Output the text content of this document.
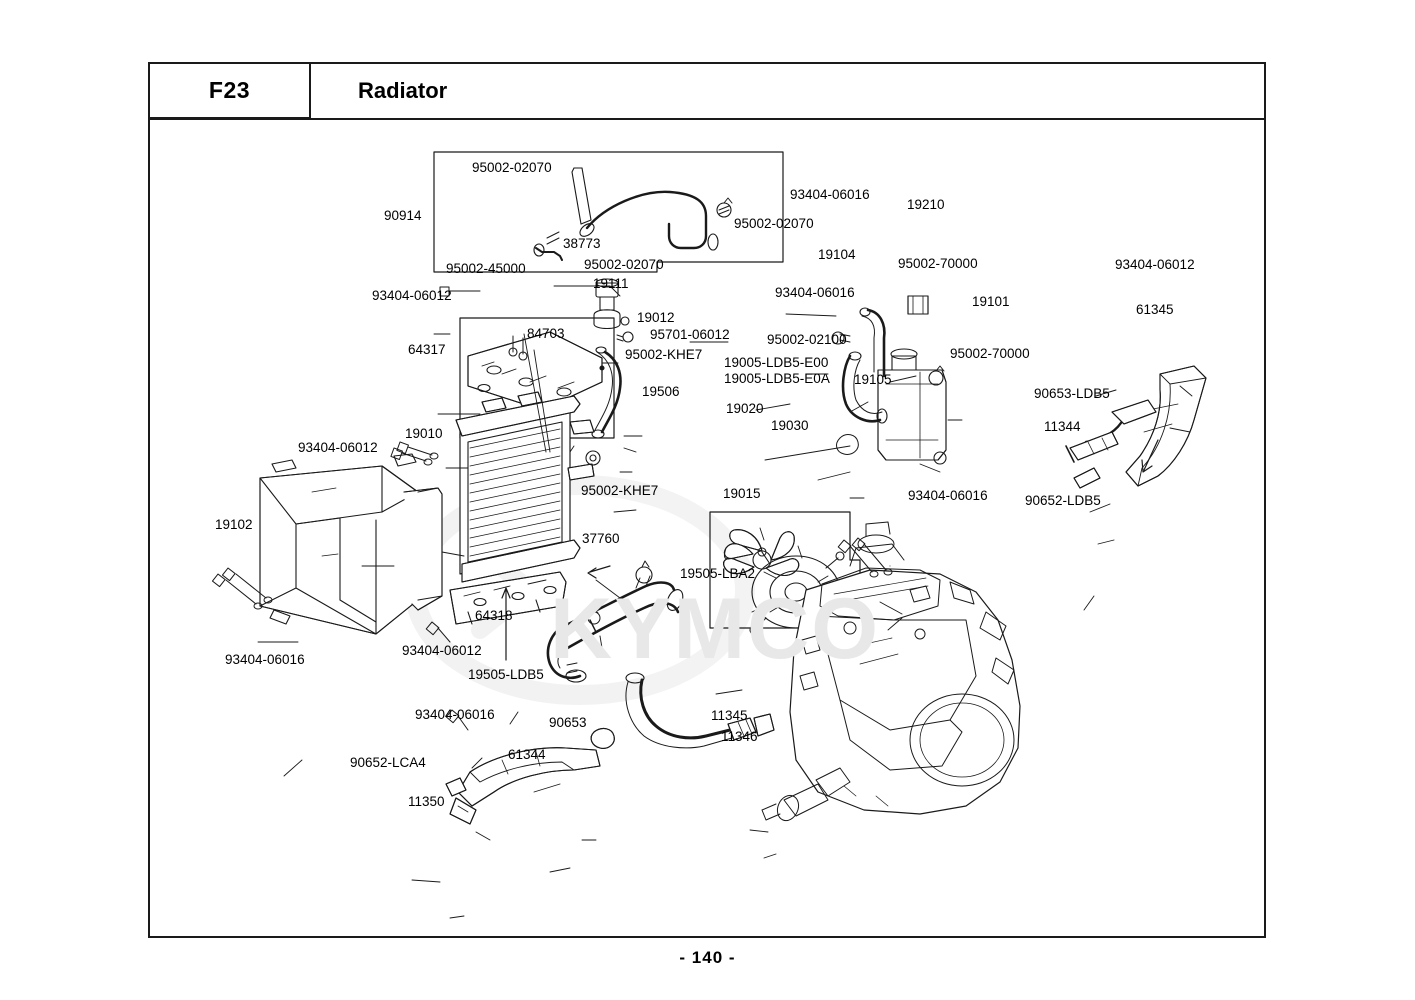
F23	Radiator
95002-02070
93404-06016
19210
90914
95002-02070
19104
95002-70000
38773
93404-06012
95002-45000	95002-02070
19111
19101
93404-06012	93404-06016
61345
19012
84703	95701-06012
64317	95002-KHE7
95002-02100
19005-LDB5-E00
95002-70000
19005-LDB5-E0A 19105
19506	90653-LDB5
19020
11344
19030
19010
93404-06012
19015	93404-06016
95002-KHE7
90652-LDB5
19102
37760
19505-LBA2
64318
93404-06012
93404-06016
19505-LDB5
11345
93404-06016
90653
11346
61344
90652-LCA4
11350
KYMCO
- 140 -
